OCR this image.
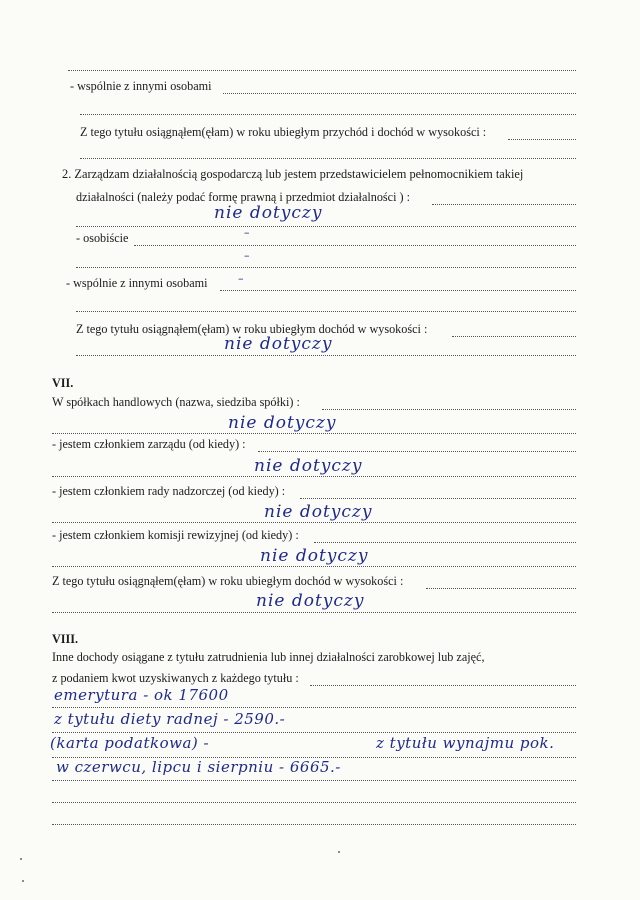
- wspólnie z innymi osobami
Z tego tytułu osiągnąłem(ęłam) w roku ubiegłym przychód i dochód w wysokości :
2. Zarządzam działalnością gospodarczą lub jestem przedstawicielem pełnomocnikiem takiej
działalności (należy podać formę prawną i przedmiot działalności ) :
nie dotyczy
- osobiście	–
–
- wspólnie z innymi osobami	–
Z tego tytułu osiągnąłem(ęłam) w roku ubiegłym dochód w wysokości :
nie dotyczy
VII.
W spółkach handlowych (nazwa, siedziba spółki) :
nie dotyczy
- jestem członkiem zarządu (od kiedy) :
nie dotyczy
- jestem członkiem rady nadzorczej (od kiedy) :
nie dotyczy
- jestem członkiem komisji rewizyjnej (od kiedy) :
nie dotyczy
Z tego tytułu osiągnąłem(ęłam) w roku ubiegłym dochód w wysokości :
nie dotyczy
VIII.
Inne dochody osiągane z tytułu zatrudnienia lub innej działalności zarobkowej lub zajęć,
z podaniem kwot uzyskiwanych z każdego tytułu :
emerytura - ok 17600
z tytułu diety radnej - 2590.-
(karta podatkowa) -	z tytułu wynajmu pok.
w czerwcu, lipcu i sierpniu - 6665.-
